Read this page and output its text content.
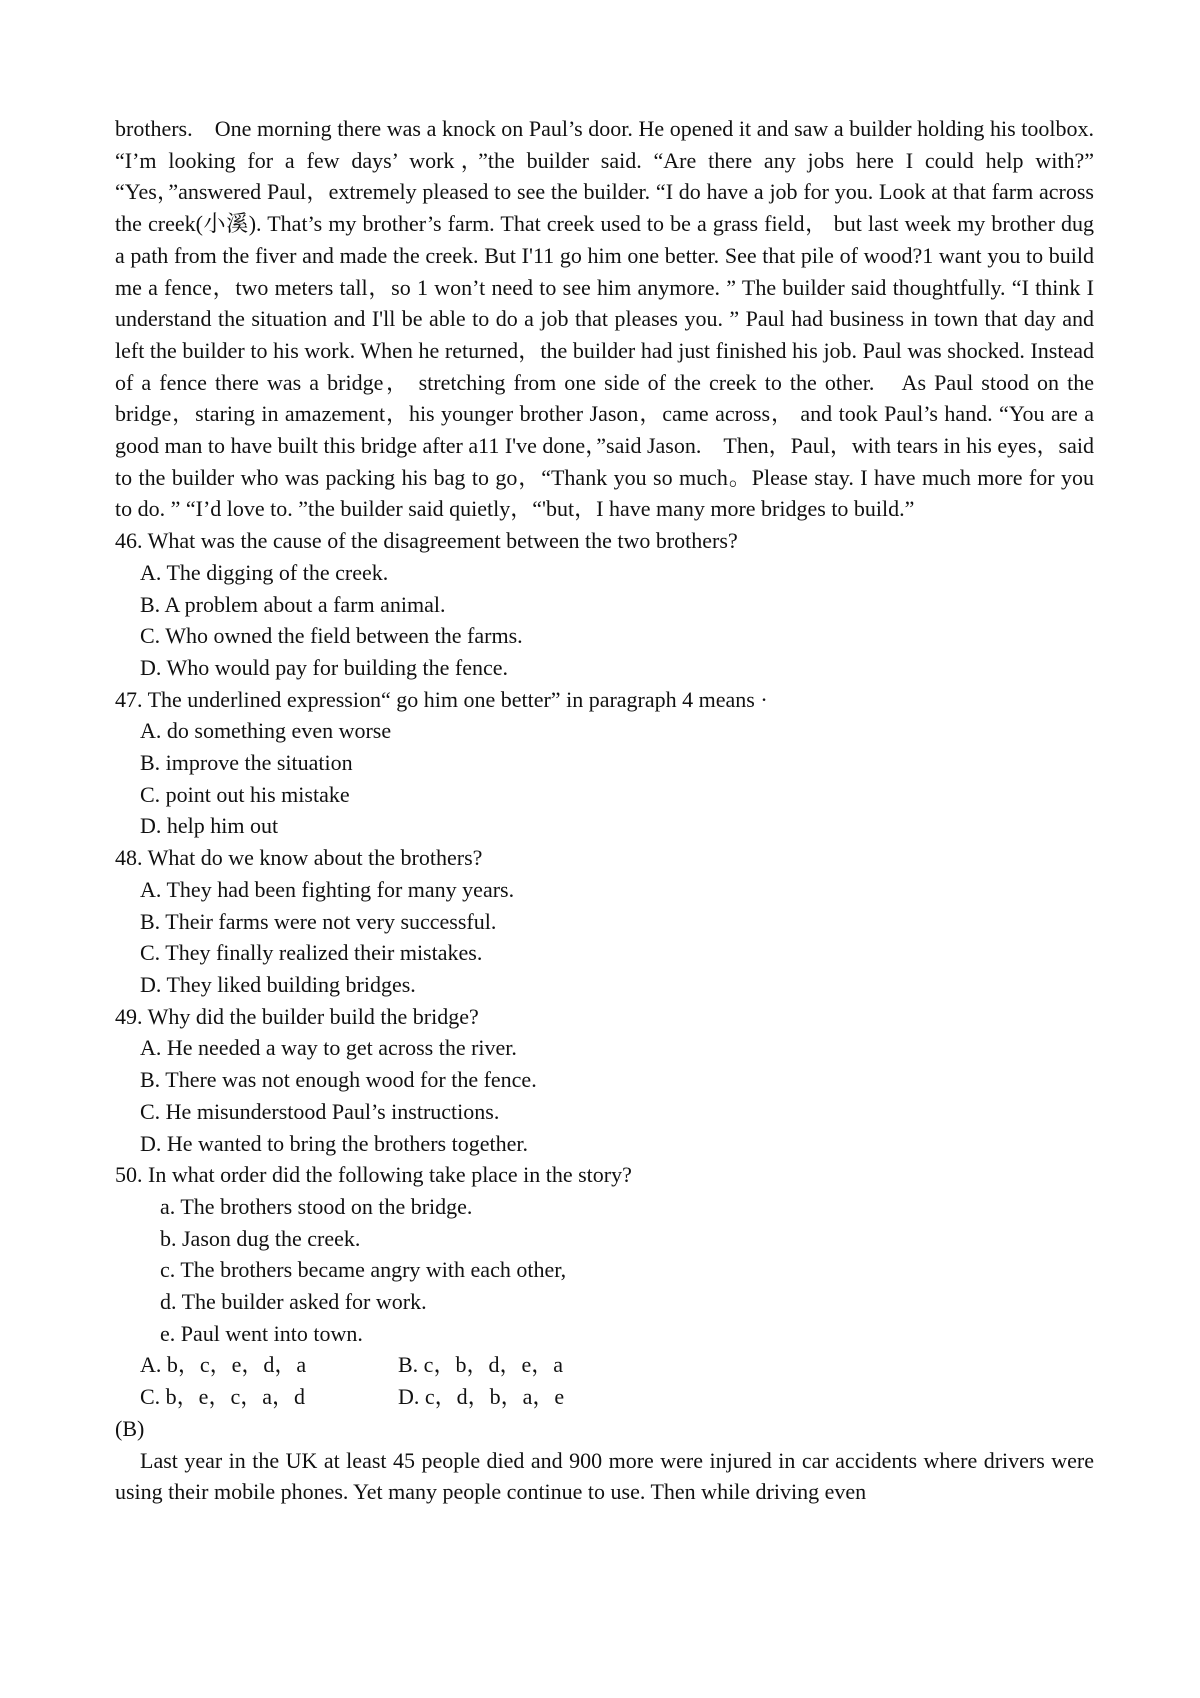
brothers.　One morning there was a knock on Paul’s door. He opened it and saw a builder holding his toolbox. “I’m looking for a few days’ work，”the builder said. “Are there any jobs here I could help with?” “Yes，”answered Paul，extremely pleased to see the builder. “I do have a job for you. Look at that farm across the creek(小溪). That’s my brother’s farm. That creek used to be a grass field， but last week my brother dug a path from the fiver and made the creek. But I'11 go him one better. See that pile of wood?1 want you to build me a fence，two meters tall，so 1 won’t need to see him anymore. ” The builder said thoughtfully. “I think I understand the situation and I'll be able to do a job that pleases you. ” Paul had business in town that day and left the builder to his work. When he returned，the builder had just finished his job. Paul was shocked. Instead of a fence there was a bridge， stretching from one side of the creek to the other.　As Paul stood on the bridge，staring in amazement，his younger brother Jason，came across， and took Paul’s hand. “You are a good man to have built this bridge after a11 I've done，”said Jason.　Then，Paul，with tears in his eyes，said to the builder who was packing his bag to go，“Thank you so much。Please stay. I have much more for you to do. ” “I’d love to. ”the builder said quietly，“'but，I have many more bridges to build.”

46. What was the cause of the disagreement between the two brothers?

A. The digging of the creek.

B. A problem about a farm animal.

C. Who owned the field between the farms.

D. Who would pay for building the fence.

47. The underlined expression“ go him one better” in paragraph 4 means ·

A. do something even worse

B. improve the situation

C. point out his mistake

D. help him out

48. What do we know about the brothers?

A. They had been fighting for many years.

B. Their farms were not very successful.

C. They finally realized their mistakes.

D. They liked building bridges.

49. Why did the builder build the bridge?

A. He needed a way to get across the river.

B. There was not enough wood for the fence.

C. He misunderstood Paul’s instructions.

D. He wanted to bring the brothers together.

50. In what order did the following take place in the story?

a. The brothers stood on the bridge.

b. Jason dug the creek.

c. The brothers became angry with each other,

d. The builder asked for work.

e. Paul went into town.

A. b，c，e，d，a	B. c，b，d，e，a
C. b，e，c，a，d	D. c，d，b，a，e

(B)

Last year in the UK at least 45 people died and 900 more were injured in car accidents where drivers were using their mobile phones. Yet many people continue to use. Then while driving even
